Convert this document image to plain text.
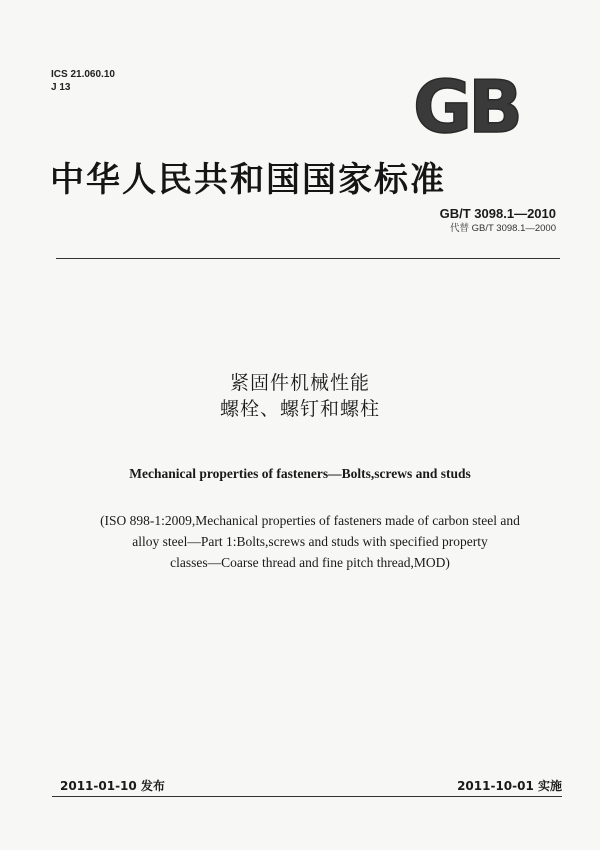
ICS 21.060.10
J 13	GB
中华人民共和国国家标准
GB/T 3098.1—2010
代替 GB/T 3098.1—2000
紧固件机械性能
螺栓、螺钉和螺柱
Mechanical properties of fasteners—Bolts,screws and studs
(ISO 898-1:2009,Mechanical properties of fasteners made of carbon steel and
alloy steel—Part 1:Bolts,screws and studs with specified property
classes—Coarse thread and fine pitch thread,MOD)
2011-01-10 发布	2011-10-01 实施
